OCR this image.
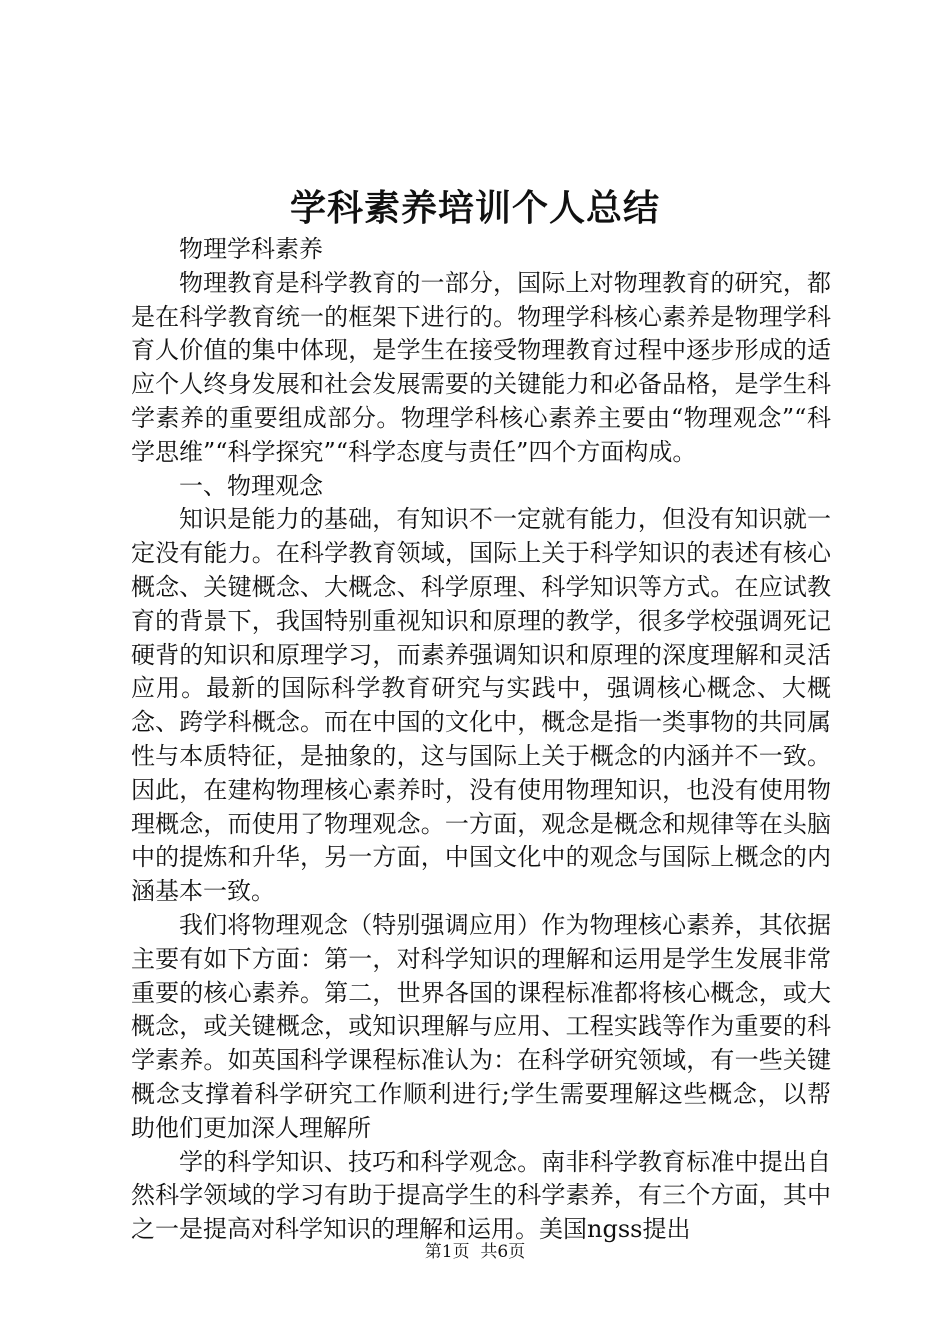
学科素养培训个人总结

物理学科素养

物理教育是科学教育的一部分，国际上对物理教育的研究，都是在科学教育统一的框架下进行的。物理学科核心素养是物理学科育人价值的集中体现，是学生在接受物理教育过程中逐步形成的适应个人终身发展和社会发展需要的关键能力和必备品格，是学生科学素养的重要组成部分。物理学科核心素养主要由“物理观念”“科学思维”“科学探究”“科学态度与责任”四个方面构成。

一、物理观念

知识是能力的基础，有知识不一定就有能力，但没有知识就一定没有能力。在科学教育领域，国际上关于科学知识的表述有核心概念、关键概念、大概念、科学原理、科学知识等方式。在应试教育的背景下，我国特别重视知识和原理的教学，很多学校强调死记硬背的知识和原理学习，而素养强调知识和原理的深度理解和灵活应用。最新的国际科学教育研究与实践中，强调核心概念、大概念、跨学科概念。而在中国的文化中，概念是指一类事物的共同属性与本质特征，是抽象的，这与国际上关于概念的内涵并不一致。因此，在建构物理核心素养时，没有使用物理知识，也没有使用物理概念，而使用了物理观念。一方面，观念是概念和规律等在头脑中的提炼和升华，另一方面，中国文化中的观念与国际上概念的内涵基本一致。

我们将物理观念（特别强调应用）作为物理核心素养，其依据主要有如下方面：第一，对科学知识的理解和运用是学生发展非常重要的核心素养。第二，世界各国的课程标准都将核心概念，或大概念，或关键概念，或知识理解与应用、工程实践等作为重要的科学素养。如英国科学课程标准认为：在科学研究领域，有一些关键概念支撑着科学研究工作顺利进行;学生需要理解这些概念，以帮助他们更加深人理解所

学的科学知识、技巧和科学观念。南非科学教育标准中提出自然科学领域的学习有助于提高学生的科学素养，有三个方面，其中之一是提高对科学知识的理解和运用。美国ngss提出

第1页 共6页
